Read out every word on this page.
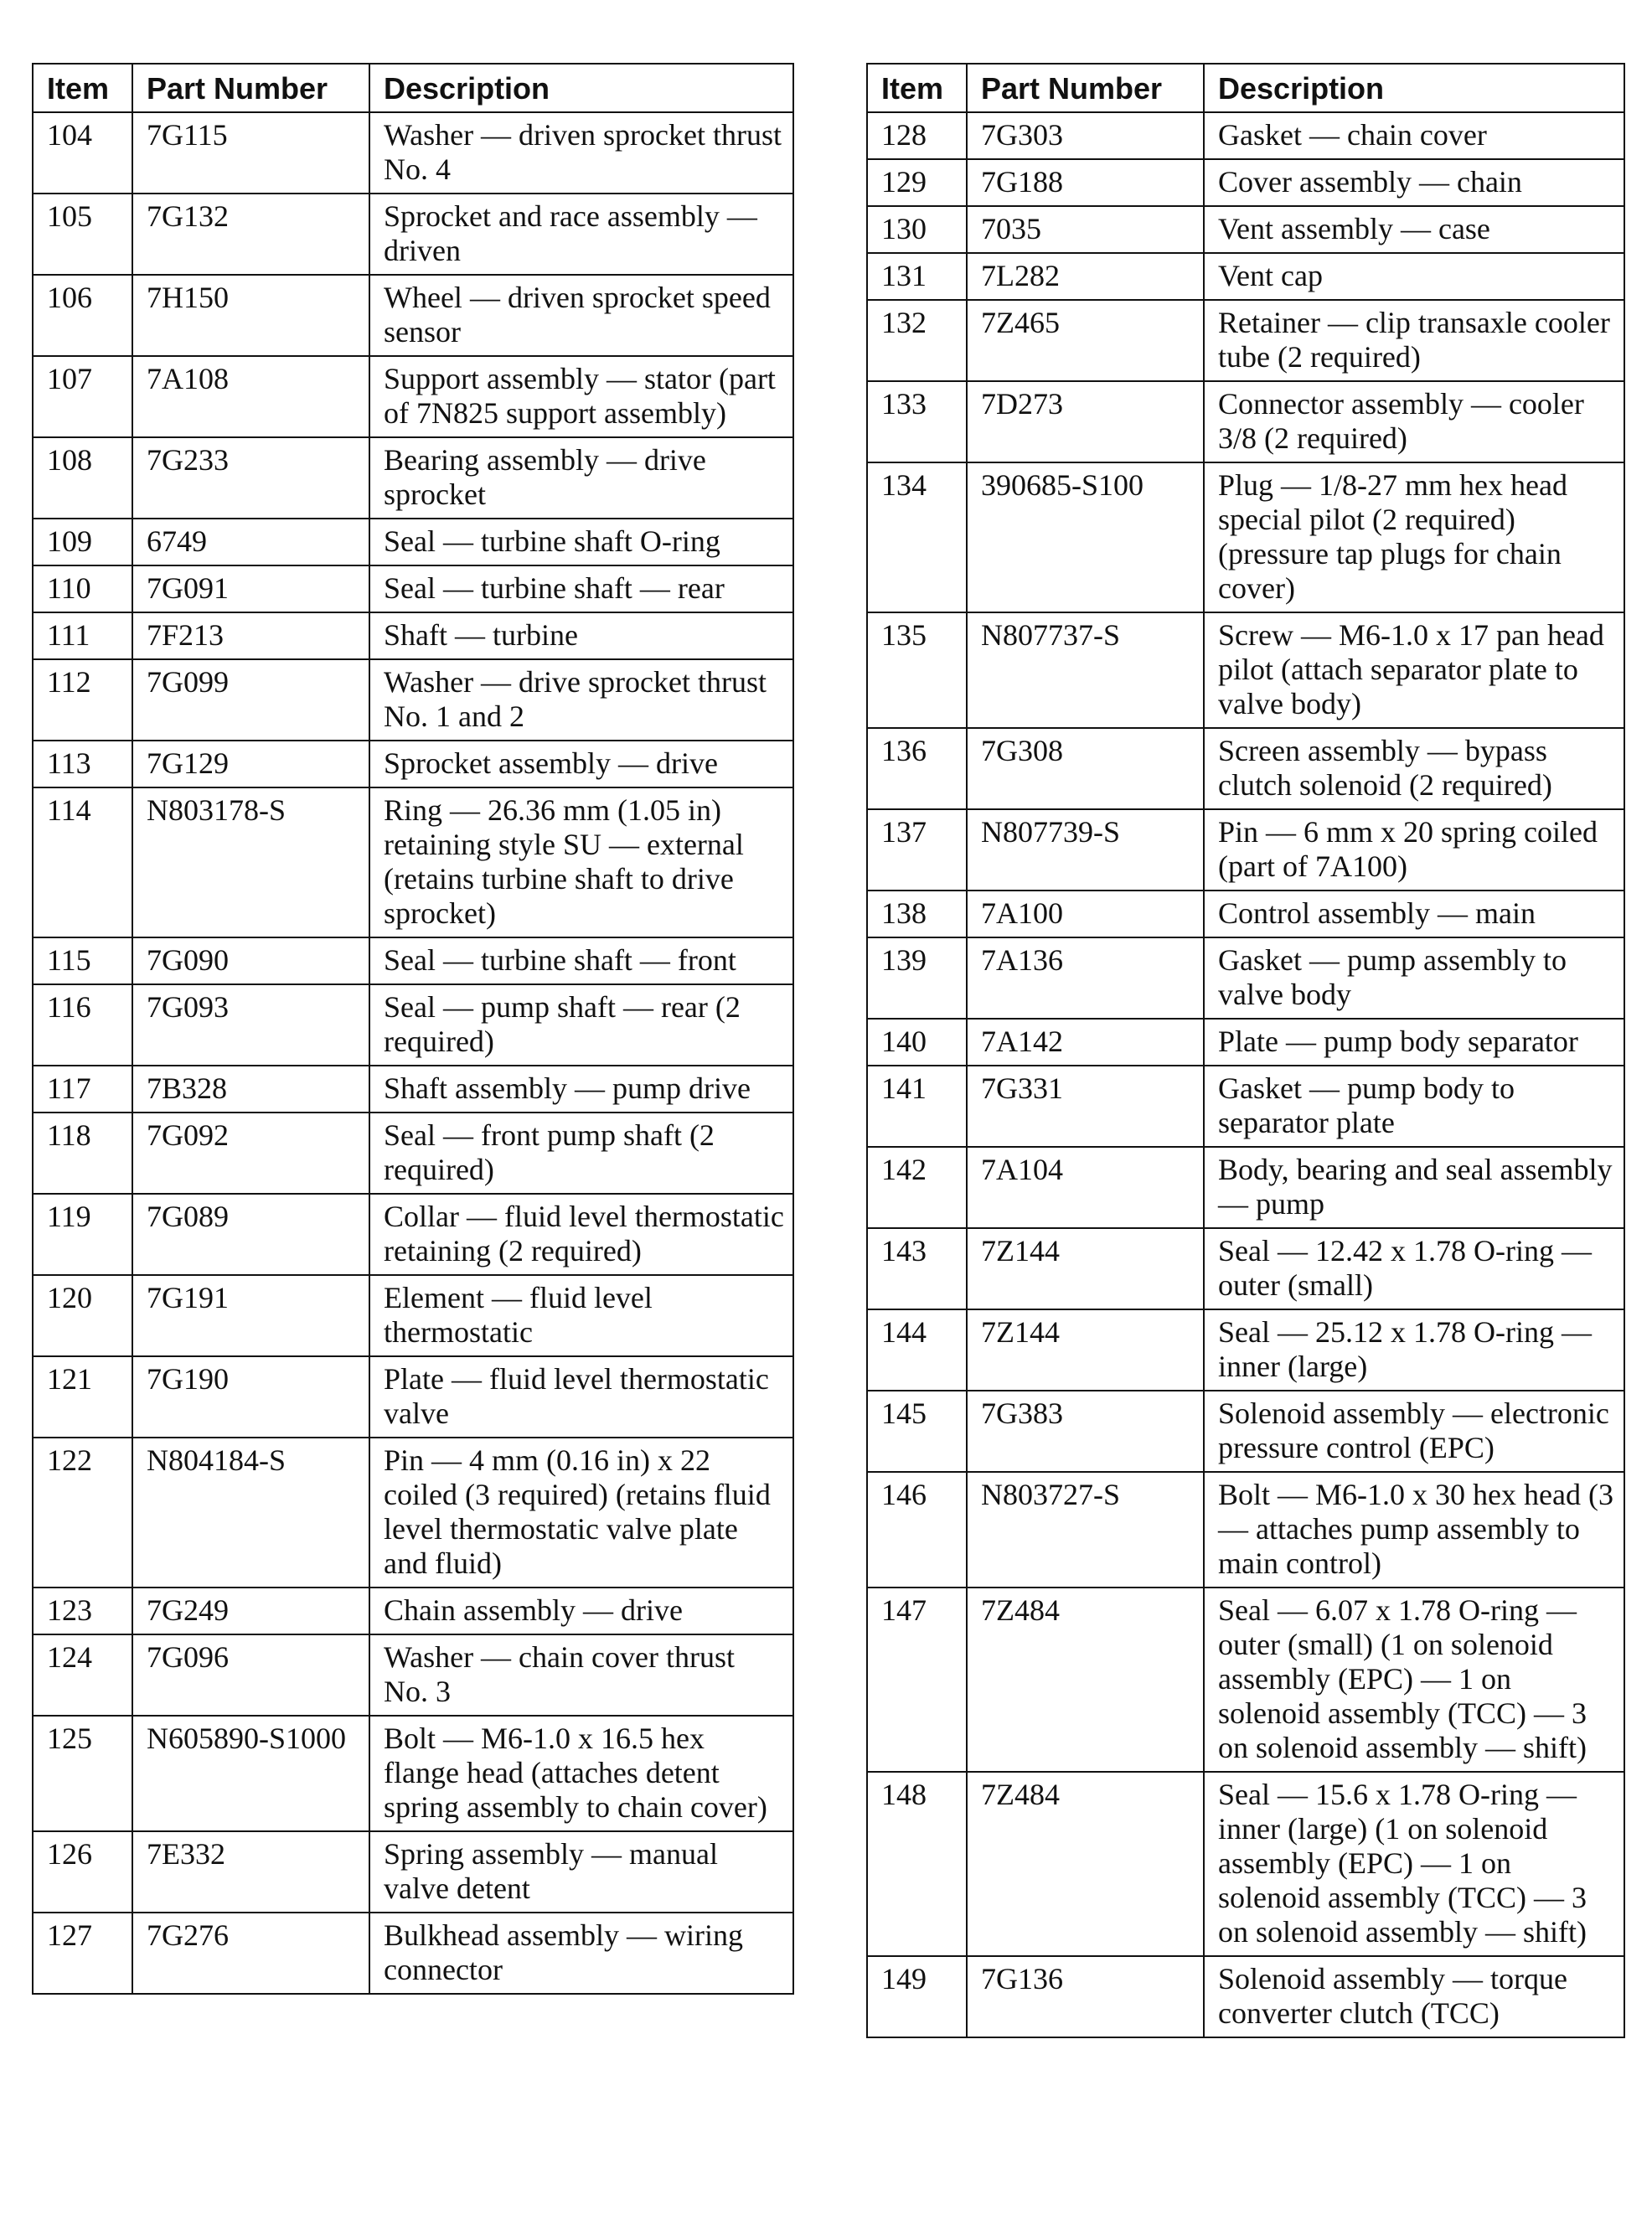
Item	Part Number	Description
104	7G115	Washer — driven sprocket thrust No. 4
105	7G132	Sprocket and race assembly — driven
106	7H150	Wheel — driven sprocket speed sensor
107	7A108	Support assembly — stator (part of 7N825 support assembly)
108	7G233	Bearing assembly — drive sprocket
109	6749	Seal — turbine shaft O-ring
110	7G091	Seal — turbine shaft — rear
111	7F213	Shaft — turbine
112	7G099	Washer — drive sprocket thrust No. 1 and 2
113	7G129	Sprocket assembly — drive
114	N803178-S	Ring — 26.36 mm (1.05 in) retaining style SU — external (retains turbine shaft to drive sprocket)
115	7G090	Seal — turbine shaft — front
116	7G093	Seal — pump shaft — rear (2 required)
117	7B328	Shaft assembly — pump drive
118	7G092	Seal — front pump shaft (2 required)
119	7G089	Collar — fluid level thermostatic retaining (2 required)
120	7G191	Element — fluid level thermostatic
121	7G190	Plate — fluid level thermostatic valve
122	N804184-S	Pin — 4 mm (0.16 in) x 22 coiled (3 required) (retains fluid level thermostatic valve plate and fluid)
123	7G249	Chain assembly — drive
124	7G096	Washer — chain cover thrust No. 3
125	N605890-S1000	Bolt — M6-1.0 x 16.5 hex flange head (attaches detent spring assembly to chain cover)
126	7E332	Spring assembly — manual valve detent
127	7G276	Bulkhead assembly — wiring connector
Item	Part Number	Description
128	7G303	Gasket — chain cover
129	7G188	Cover assembly — chain
130	7035	Vent assembly — case
131	7L282	Vent cap
132	7Z465	Retainer — clip transaxle cooler tube (2 required)
133	7D273	Connector assembly — cooler 3/8 (2 required)
134	390685-S100	Plug — 1/8-27 mm hex head special pilot (2 required) (pressure tap plugs for chain cover)
135	N807737-S	Screw — M6-1.0 x 17 pan head pilot (attach separator plate to valve body)
136	7G308	Screen assembly — bypass clutch solenoid (2 required)
137	N807739-S	Pin — 6 mm x 20 spring coiled (part of 7A100)
138	7A100	Control assembly — main
139	7A136	Gasket — pump assembly to valve body
140	7A142	Plate — pump body separator
141	7G331	Gasket — pump body to separator plate
142	7A104	Body, bearing and seal assembly — pump
143	7Z144	Seal — 12.42 x 1.78 O-ring — outer (small)
144	7Z144	Seal — 25.12 x 1.78 O-ring — inner (large)
145	7G383	Solenoid assembly — electronic pressure control (EPC)
146	N803727-S	Bolt — M6-1.0 x 30 hex head (3 — attaches pump assembly to main control)
147	7Z484	Seal — 6.07 x 1.78 O-ring — outer (small) (1 on solenoid assembly (EPC) — 1 on solenoid assembly (TCC) — 3 on solenoid assembly — shift)
148	7Z484	Seal — 15.6 x 1.78 O-ring — inner (large) (1 on solenoid assembly (EPC) — 1 on solenoid assembly (TCC) — 3 on solenoid assembly — shift)
149	7G136	Solenoid assembly — torque converter clutch (TCC)
